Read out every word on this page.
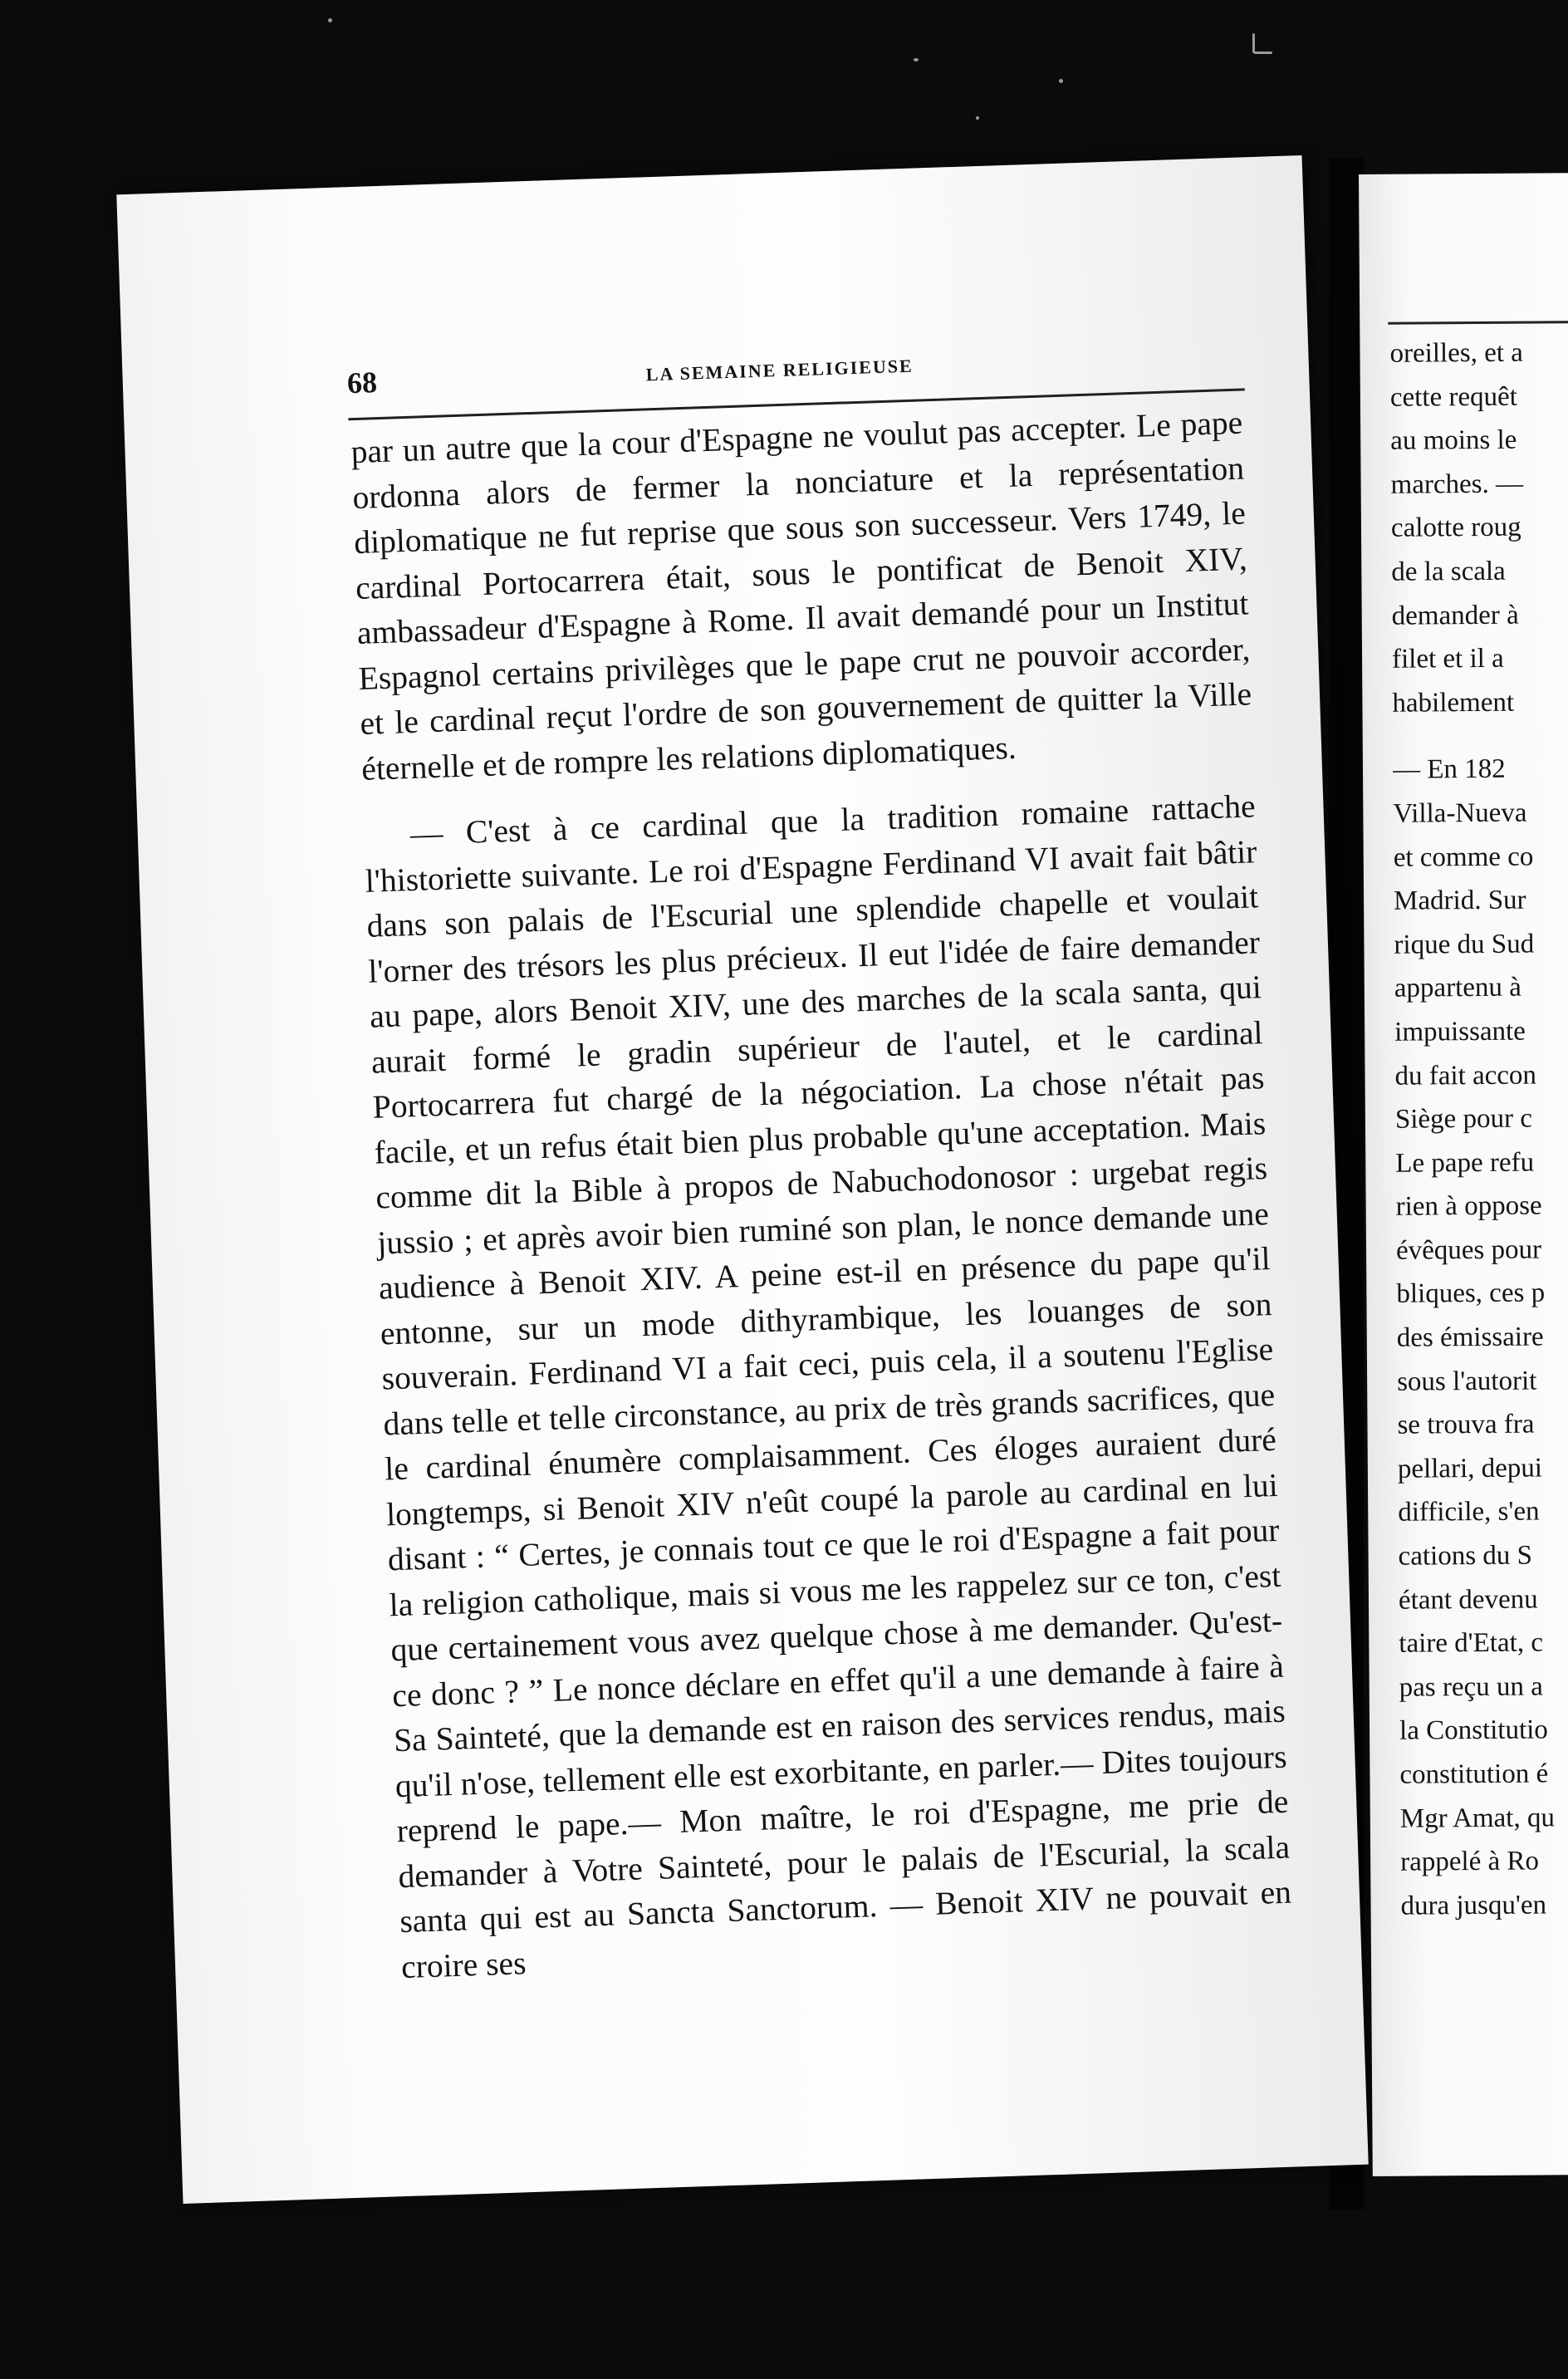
68	LA SEMAINE RELIGIEUSE

par un autre que la cour d'Espagne ne voulut pas accepter. Le pape ordonna alors de fermer la nonciature et la représentation diplomatique ne fut reprise que sous son successeur. Vers 1749, le cardinal Portocarrera était, sous le pontificat de Benoit XIV, ambassadeur d'Espagne à Rome. Il avait demandé pour un Institut Espagnol certains privilèges que le pape crut ne pouvoir accorder, et le cardinal reçut l'ordre de son gouvernement de quitter la Ville éternelle et de rompre les relations diplomatiques.

— C'est à ce cardinal que la tradition romaine rattache l'historiette suivante. Le roi d'Espagne Ferdinand VI avait fait bâtir dans son palais de l'Escurial une splendide chapelle et voulait l'orner des trésors les plus précieux. Il eut l'idée de faire demander au pape, alors Benoit XIV, une des marches de la scala santa, qui aurait formé le gradin supérieur de l'autel, et le cardinal Portocarrera fut chargé de la négociation. La chose n'était pas facile, et un refus était bien plus probable qu'une acceptation. Mais comme dit la Bible à propos de Nabuchodonosor : urgebat regis jussio ; et après avoir bien ruminé son plan, le nonce demande une audience à Benoit XIV. A peine est-il en présence du pape qu'il entonne, sur un mode dithyrambique, les louanges de son souverain. Ferdinand VI a fait ceci, puis cela, il a soutenu l'Eglise dans telle et telle circonstance, au prix de très grands sacrifices, que le cardinal énumère complaisamment. Ces éloges auraient duré longtemps, si Benoit XIV n'eût coupé la parole au cardinal en lui disant : “ Certes, je connais tout ce que le roi d'Espagne a fait pour la religion catholique, mais si vous me les rappelez sur ce ton, c'est que certainement vous avez quelque chose à me demander. Qu'est-ce donc ? ” Le nonce déclare en effet qu'il a une demande à faire à Sa Sainteté, que la demande est en raison des services rendus, mais qu'il n'ose, tellement elle est exorbitante, en parler.— Dites toujours reprend le pape.— Mon maître, le roi d'Espagne, me prie de demander à Votre Sainteté, pour le palais de l'Escurial, la scala santa qui est au Sancta Sanctorum. — Benoit XIV ne pouvait en croire ses

oreilles, et a
cette requêt
au moins le
marches. —
calotte roug
de la scala
demander à
filet et il a
habilement
— En 182
Villa-Nueva
et comme co
Madrid. Sur
rique du Sud
appartenu à
impuissante
du fait accon
Siège pour c
Le pape refu
rien à oppose
évêques pour
bliques, ces p
des émissaire
sous l'autorit
se trouva fra
pellari, depui
difficile, s'en
cations du S
étant devenu
taire d'Etat, c
pas reçu un a
la Constitutio
constitution é
Mgr Amat, qu
rappelé à Ro
dura jusqu'en
